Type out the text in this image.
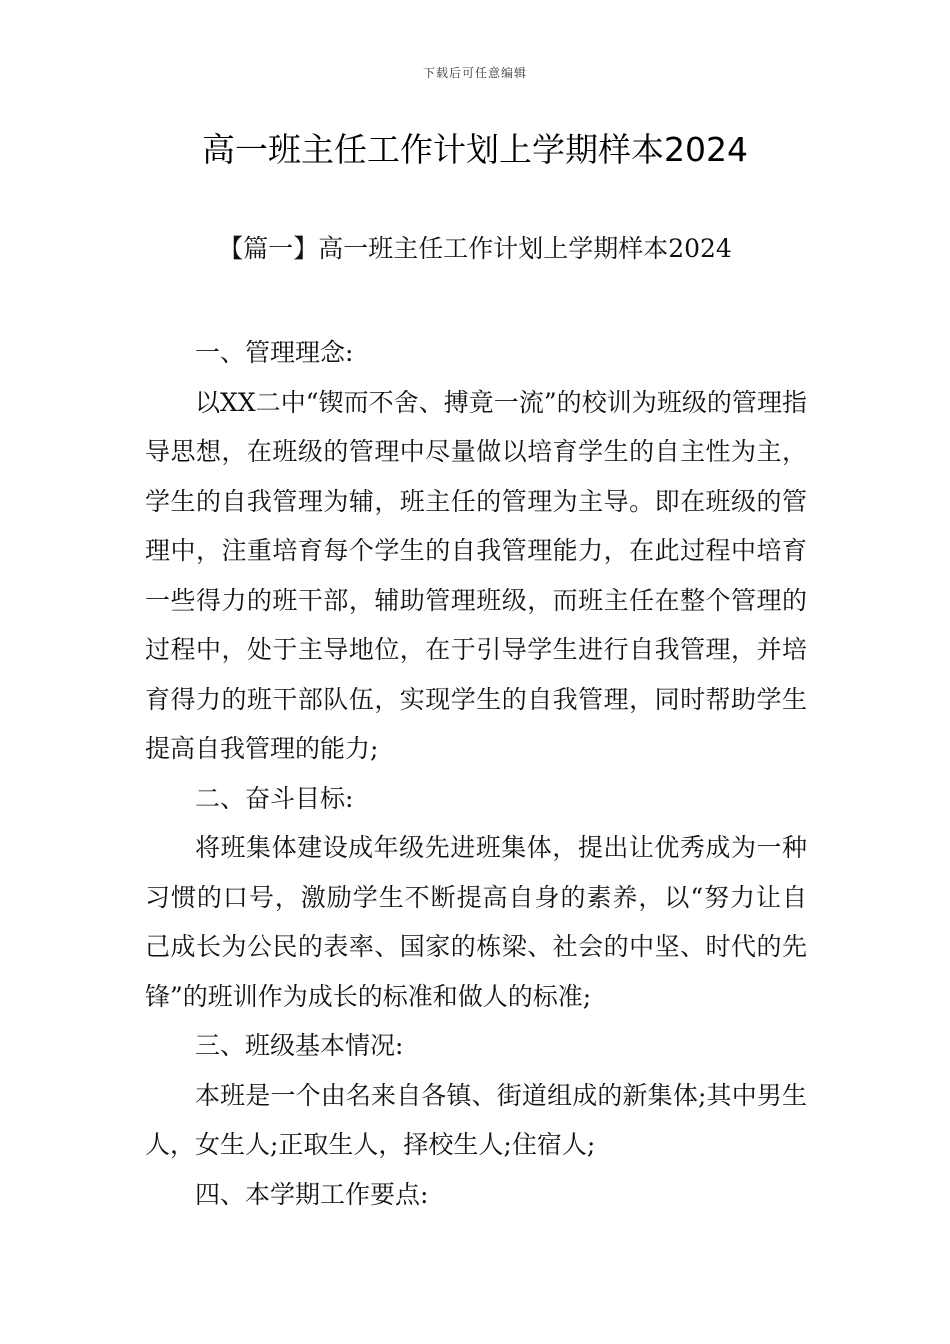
下载后可任意编辑
高一班主任工作计划上学期样本2024
【篇一】高一班主任工作计划上学期样本2024

一、管理理念:

以XX二中“锲而不舍、搏竟一流”的校训为班级的管理指导思想，在班级的管理中尽量做以培育学生的自主性为主，学生的自我管理为辅，班主任的管理为主导。即在班级的管理中，注重培育每个学生的自我管理能力，在此过程中培育一些得力的班干部，辅助管理班级，而班主任在整个管理的过程中，处于主导地位，在于引导学生进行自我管理，并培育得力的班干部队伍，实现学生的自我管理，同时帮助学生提高自我管理的能力;

二、奋斗目标:

将班集体建设成年级先进班集体，提出让优秀成为一种习惯的口号，激励学生不断提高自身的素养，以“努力让自己成长为公民的表率、国家的栋梁、社会的中坚、时代的先锋”的班训作为成长的标准和做人的标准;

三、班级基本情况:

本班是一个由名来自各镇、街道组成的新集体;其中男生人，女生人;正取生人，择校生人;住宿人;

四、本学期工作要点:
